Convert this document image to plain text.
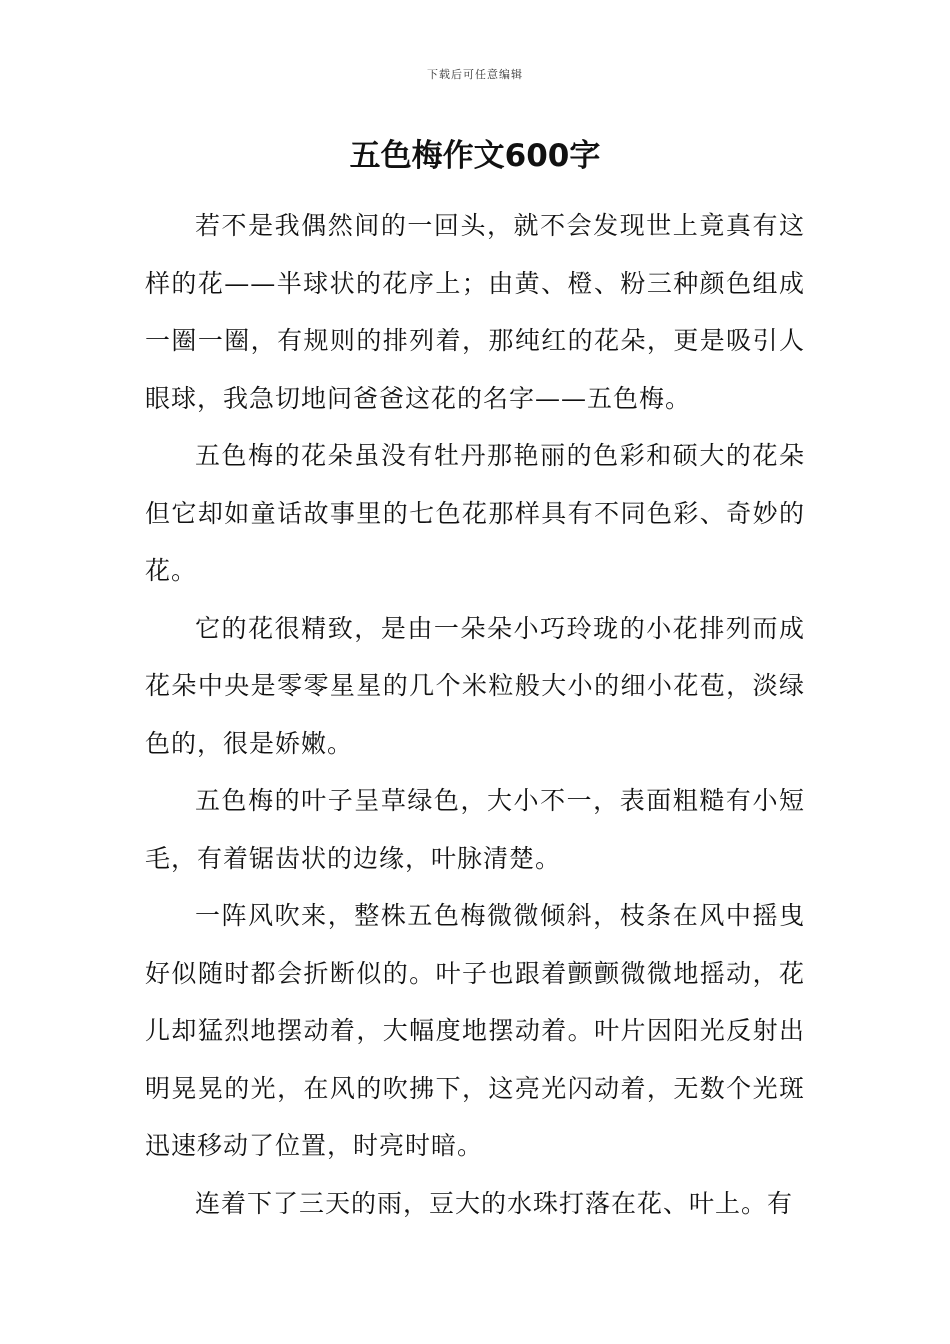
下载后可任意编辑
五色梅作文600字

若不是我偶然间的一回头，就不会发现世上竟真有这样的花——半球状的花序上；由黄、橙、粉三种颜色组成一圈一圈，有规则的排列着，那纯红的花朵，更是吸引人眼球，我急切地问爸爸这花的名字——五色梅。

五色梅的花朵虽没有牡丹那艳丽的色彩和硕大的花朵但它却如童话故事里的七色花那样具有不同色彩、奇妙的花。

它的花很精致，是由一朵朵小巧玲珑的小花排列而成花朵中央是零零星星的几个米粒般大小的细小花苞，淡绿色的，很是娇嫩。

五色梅的叶子呈草绿色，大小不一，表面粗糙有小短毛，有着锯齿状的边缘，叶脉清楚。

一阵风吹来，整株五色梅微微倾斜，枝条在风中摇曳好似随时都会折断似的。叶子也跟着颤颤微微地摇动，花儿却猛烈地摆动着，大幅度地摆动着。叶片因阳光反射出明晃晃的光，在风的吹拂下，这亮光闪动着，无数个光斑迅速移动了位置，时亮时暗。

连着下了三天的雨，豆大的水珠打落在花、叶上。有
